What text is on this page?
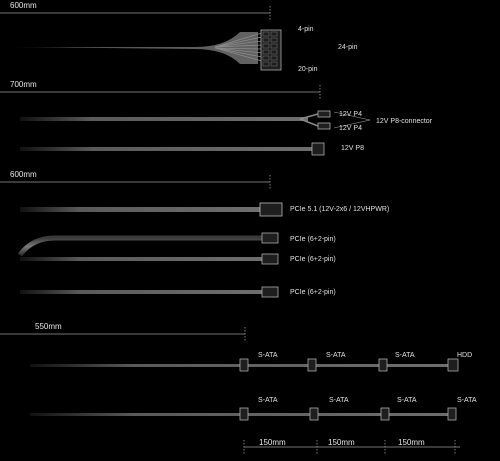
600mm
4-pin
24-pin
20-pin
700mm
12V P4
12V P8-connector
12V P4
12V P8
600mm
PCIe 5.1 (12V-2x6 / 12VHPWR)
PCIe (6+2-pin)
PCIe (6+2-pin)
PCIe (6+2-pin)
550mm
S-ATA	S-ATA	S-ATA	HDD
S-ATA	S-ATA	S-ATA	S-ATA
150mm	150mm	150mm
